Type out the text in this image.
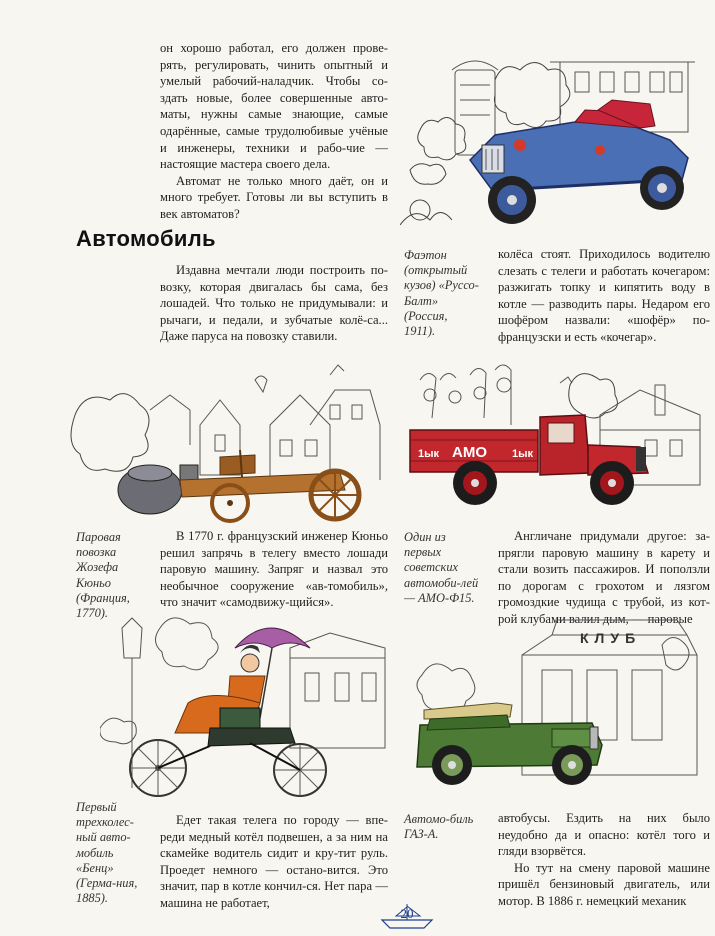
он хорошо работал, его должен прове-рять, регулировать, чинить опытный и умелый рабочий-наладчик. Чтобы со-здать новые, более совершенные авто-маты, нужны самые знающие, самые одарённые, самые трудолюбивые учёные и инженеры, техники и рабо-чие — настоящие мастера своего дела.

Автомат не только много даёт, он и много требует. Готовы ли вы вступить в век автоматов?

Автомобиль
Издавна мечтали люди построить по-возку, которая двигалась бы сама, без лошадей. Что только не придумывали: и рычаги, и педали, и зубчатые колё-са... Даже паруса на повозку ставили.
Фаэтон (открытый кузов) «Руссо-Балт» (Россия, 1911).
колёса стоят. Приходилось водителю слезать с телеги и работать кочегаром: разжигать топку и кипятить воду в котле — разводить пары. Недаром его шофёром назвали: «шофёр» по-французски и есть «кочегар».
АМО
1ык	1ык
Паровая повозка Жозефа Кюньо (Франция, 1770).
В 1770 г. французский инженер Кюньо решил запрячь в телегу вместо лошади паровую машину. Запряг и назвал это необычное сооружение «ав-томобиль», что значит «самодвижу-щийся».
Один из первых советских автомоби-лей — АМО-Ф15.
Англичане придумали другое: за-прягли паровую машину в карету и стали возить пассажиров. И поползли по дорогам с грохотом и лязгом громоздкие чудища с трубой, из кот-рой клубами валил дым, — паровые
КЛУБ
Первый трехколес-ный авто-мобиль «Бенц» (Герма-ния, 1885).
Едет такая телега по городу — впе-реди медный котёл подвешен, а за ним на скамейке водитель сидит и кру-тит руль. Проедет немного — остано-вится. Это значит, пар в котле кончил-ся. Нет пара — машина не работает,
Автомо-биль ГАЗ-А.

автобусы. Ездить на них было неудобно да и опасно: котёл того и гляди взорвётся.

Но тут на смену паровой машине пришёл бензиновый двигатель, или мотор. В 1886 г. немецкий механик

20
